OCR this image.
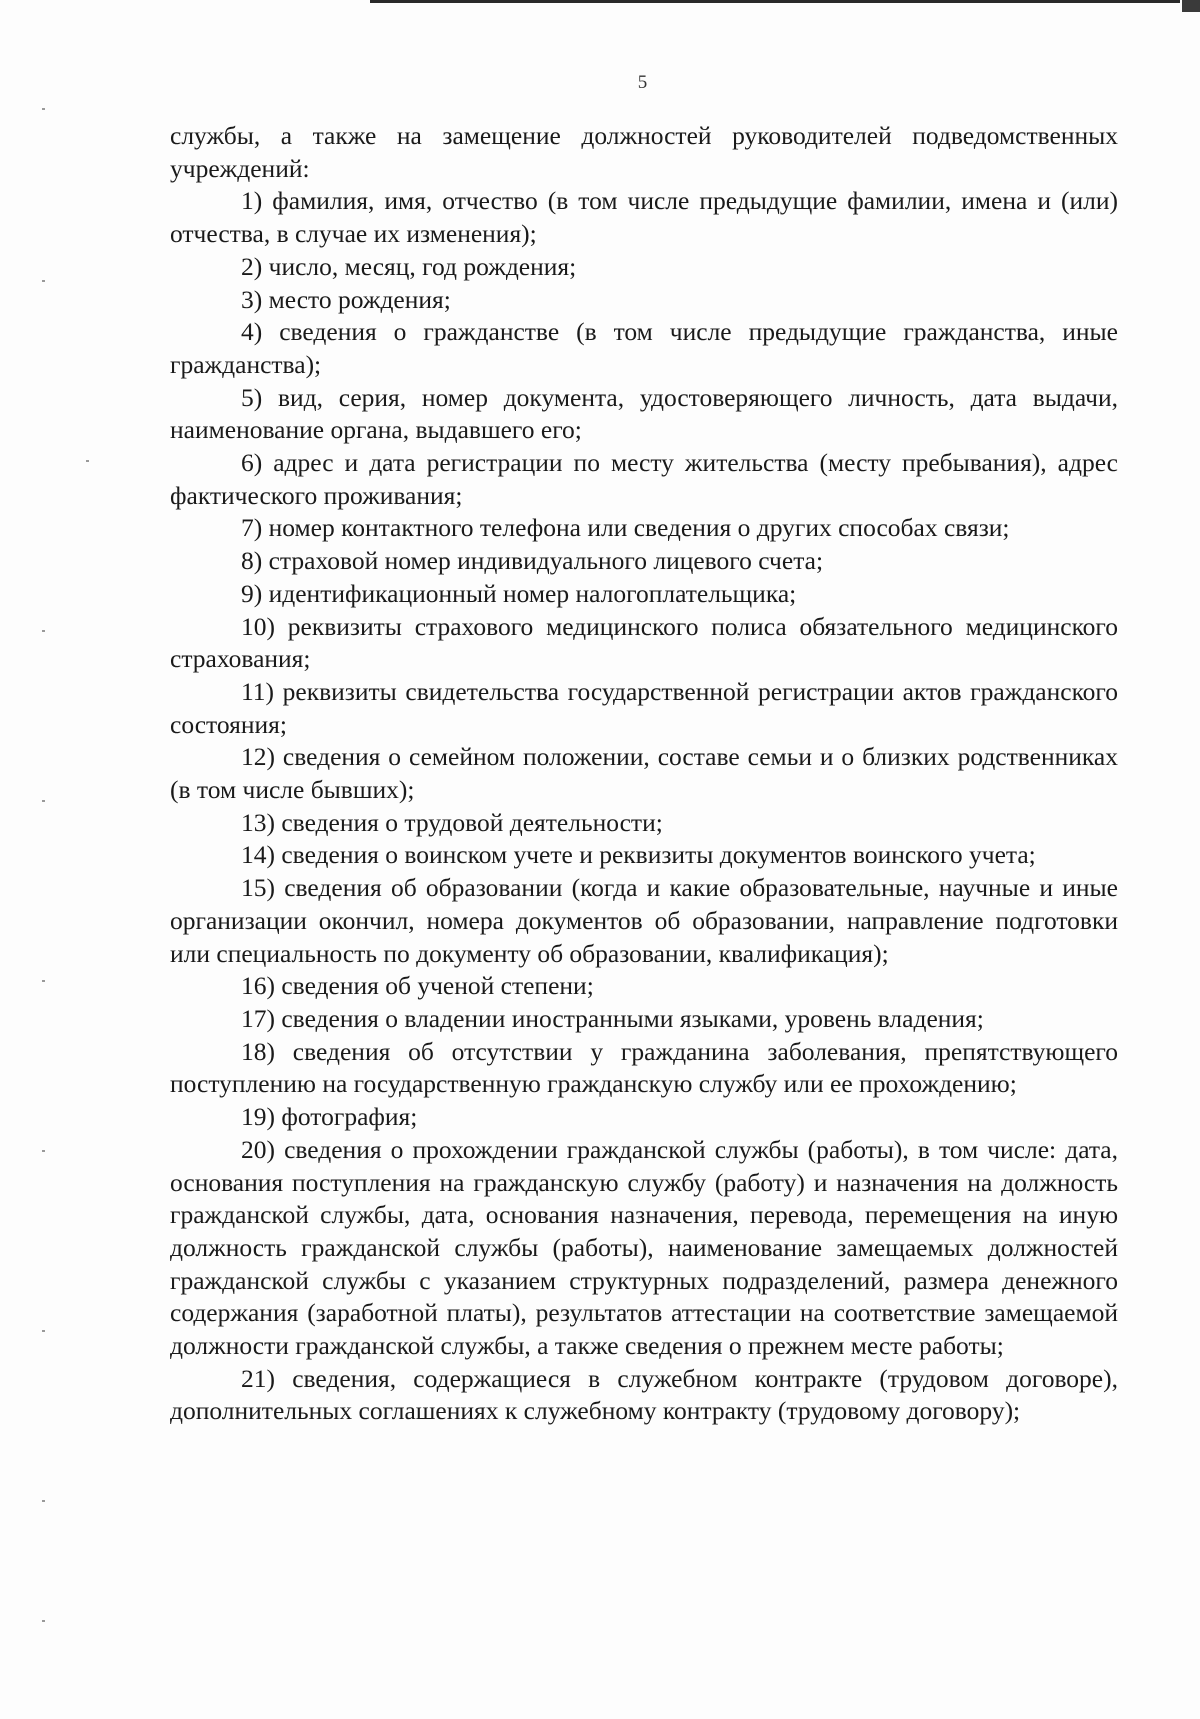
5

службы, а также на замещение должностей руководителей подведомственных учреждений:

1) фамилия, имя, отчество (в том числе предыдущие фамилии, имена и (или) отчества, в случае их изменения);

2) число, месяц, год рождения;

3) место рождения;

4) сведения о гражданстве (в том числе предыдущие гражданства, иные гражданства);

5) вид, серия, номер документа, удостоверяющего личность, дата выдачи, наименование органа, выдавшего его;

6) адрес и дата регистрации по месту жительства (месту пребывания), адрес фактического проживания;

7) номер контактного телефона или сведения о других способах связи;

8) страховой номер индивидуального лицевого счета;

9) идентификационный номер налогоплательщика;

10) реквизиты страхового медицинского полиса обязательного медицинского страхования;

11) реквизиты свидетельства государственной регистрации актов гражданского состояния;

12) сведения о семейном положении, составе семьи и о близких родственниках (в том числе бывших);

13) сведения о трудовой деятельности;

14) сведения о воинском учете и реквизиты документов воинского учета;

15) сведения об образовании (когда и какие образовательные, научные и иные организации окончил, номера документов об образовании, направление подготовки или специальность по документу об образовании, квалификация);

16) сведения об ученой степени;

17) сведения о владении иностранными языками, уровень владения;

18) сведения об отсутствии у гражданина заболевания, препятствующего поступлению на государственную гражданскую службу или ее прохождению;

19) фотография;

20) сведения о прохождении гражданской службы (работы), в том числе: дата, основания поступления на гражданскую службу (работу) и назначения на должность гражданской службы, дата, основания назначения, перевода, перемещения на иную должность гражданской службы (работы), наименование замещаемых должностей гражданской службы с указанием структурных подразделений, размера денежного содержания (заработной платы), результатов аттестации на соответствие замещаемой должности гражданской службы, а также сведения о прежнем месте работы;

21) сведения, содержащиеся в служебном контракте (трудовом договоре), дополнительных соглашениях к служебному контракту (трудовому договору);
